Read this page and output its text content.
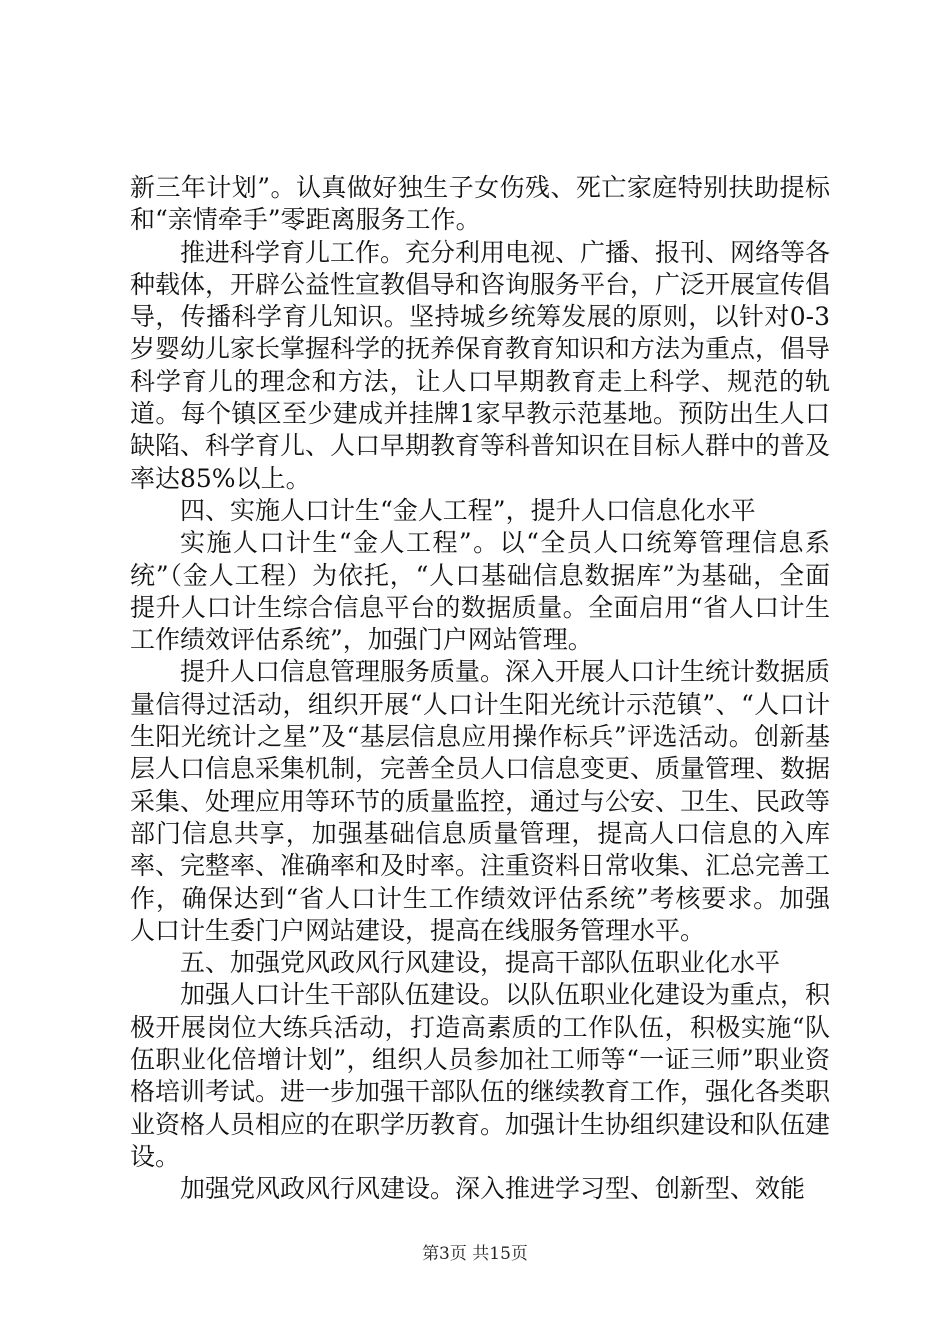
新三年计划”。认真做好独生子女伤残、死亡家庭特别扶助提标和“亲情牵手”零距离服务工作。

推进科学育儿工作。充分利用电视、广播、报刊、网络等各种载体，开辟公益性宣教倡导和咨询服务平台，广泛开展宣传倡导，传播科学育儿知识。坚持城乡统筹发展的原则，以针对0-3岁婴幼儿家长掌握科学的抚养保育教育知识和方法为重点，倡导科学育儿的理念和方法，让人口早期教育走上科学、规范的轨道。每个镇区至少建成并挂牌1家早教示范基地。预防出生人口缺陷、科学育儿、人口早期教育等科普知识在目标人群中的普及率达85%以上。

四、实施人口计生“金人工程”，提升人口信息化水平

实施人口计生“金人工程”。以“全员人口统筹管理信息系统”（金人工程）为依托，“人口基础信息数据库”为基础，全面提升人口计生综合信息平台的数据质量。全面启用“省人口计生工作绩效评估系统”，加强门户网站管理。

提升人口信息管理服务质量。深入开展人口计生统计数据质量信得过活动，组织开展“人口计生阳光统计示范镇”、“人口计生阳光统计之星”及“基层信息应用操作标兵”评选活动。创新基层人口信息采集机制，完善全员人口信息变更、质量管理、数据采集、处理应用等环节的质量监控，通过与公安、卫生、民政等部门信息共享，加强基础信息质量管理，提高人口信息的入库率、完整率、准确率和及时率。注重资料日常收集、汇总完善工作，确保达到“省人口计生工作绩效评估系统”考核要求。加强人口计生委门户网站建设，提高在线服务管理水平。

五、加强党风政风行风建设，提高干部队伍职业化水平

加强人口计生干部队伍建设。以队伍职业化建设为重点，积极开展岗位大练兵活动，打造高素质的工作队伍，积极实施“队伍职业化倍增计划”，组织人员参加社工师等“一证三师”职业资格培训考试。进一步加强干部队伍的继续教育工作，强化各类职业资格人员相应的在职学历教育。加强计生协组织建设和队伍建设。

加强党风政风行风建设。深入推进学习型、创新型、效能

第3页 共15页
